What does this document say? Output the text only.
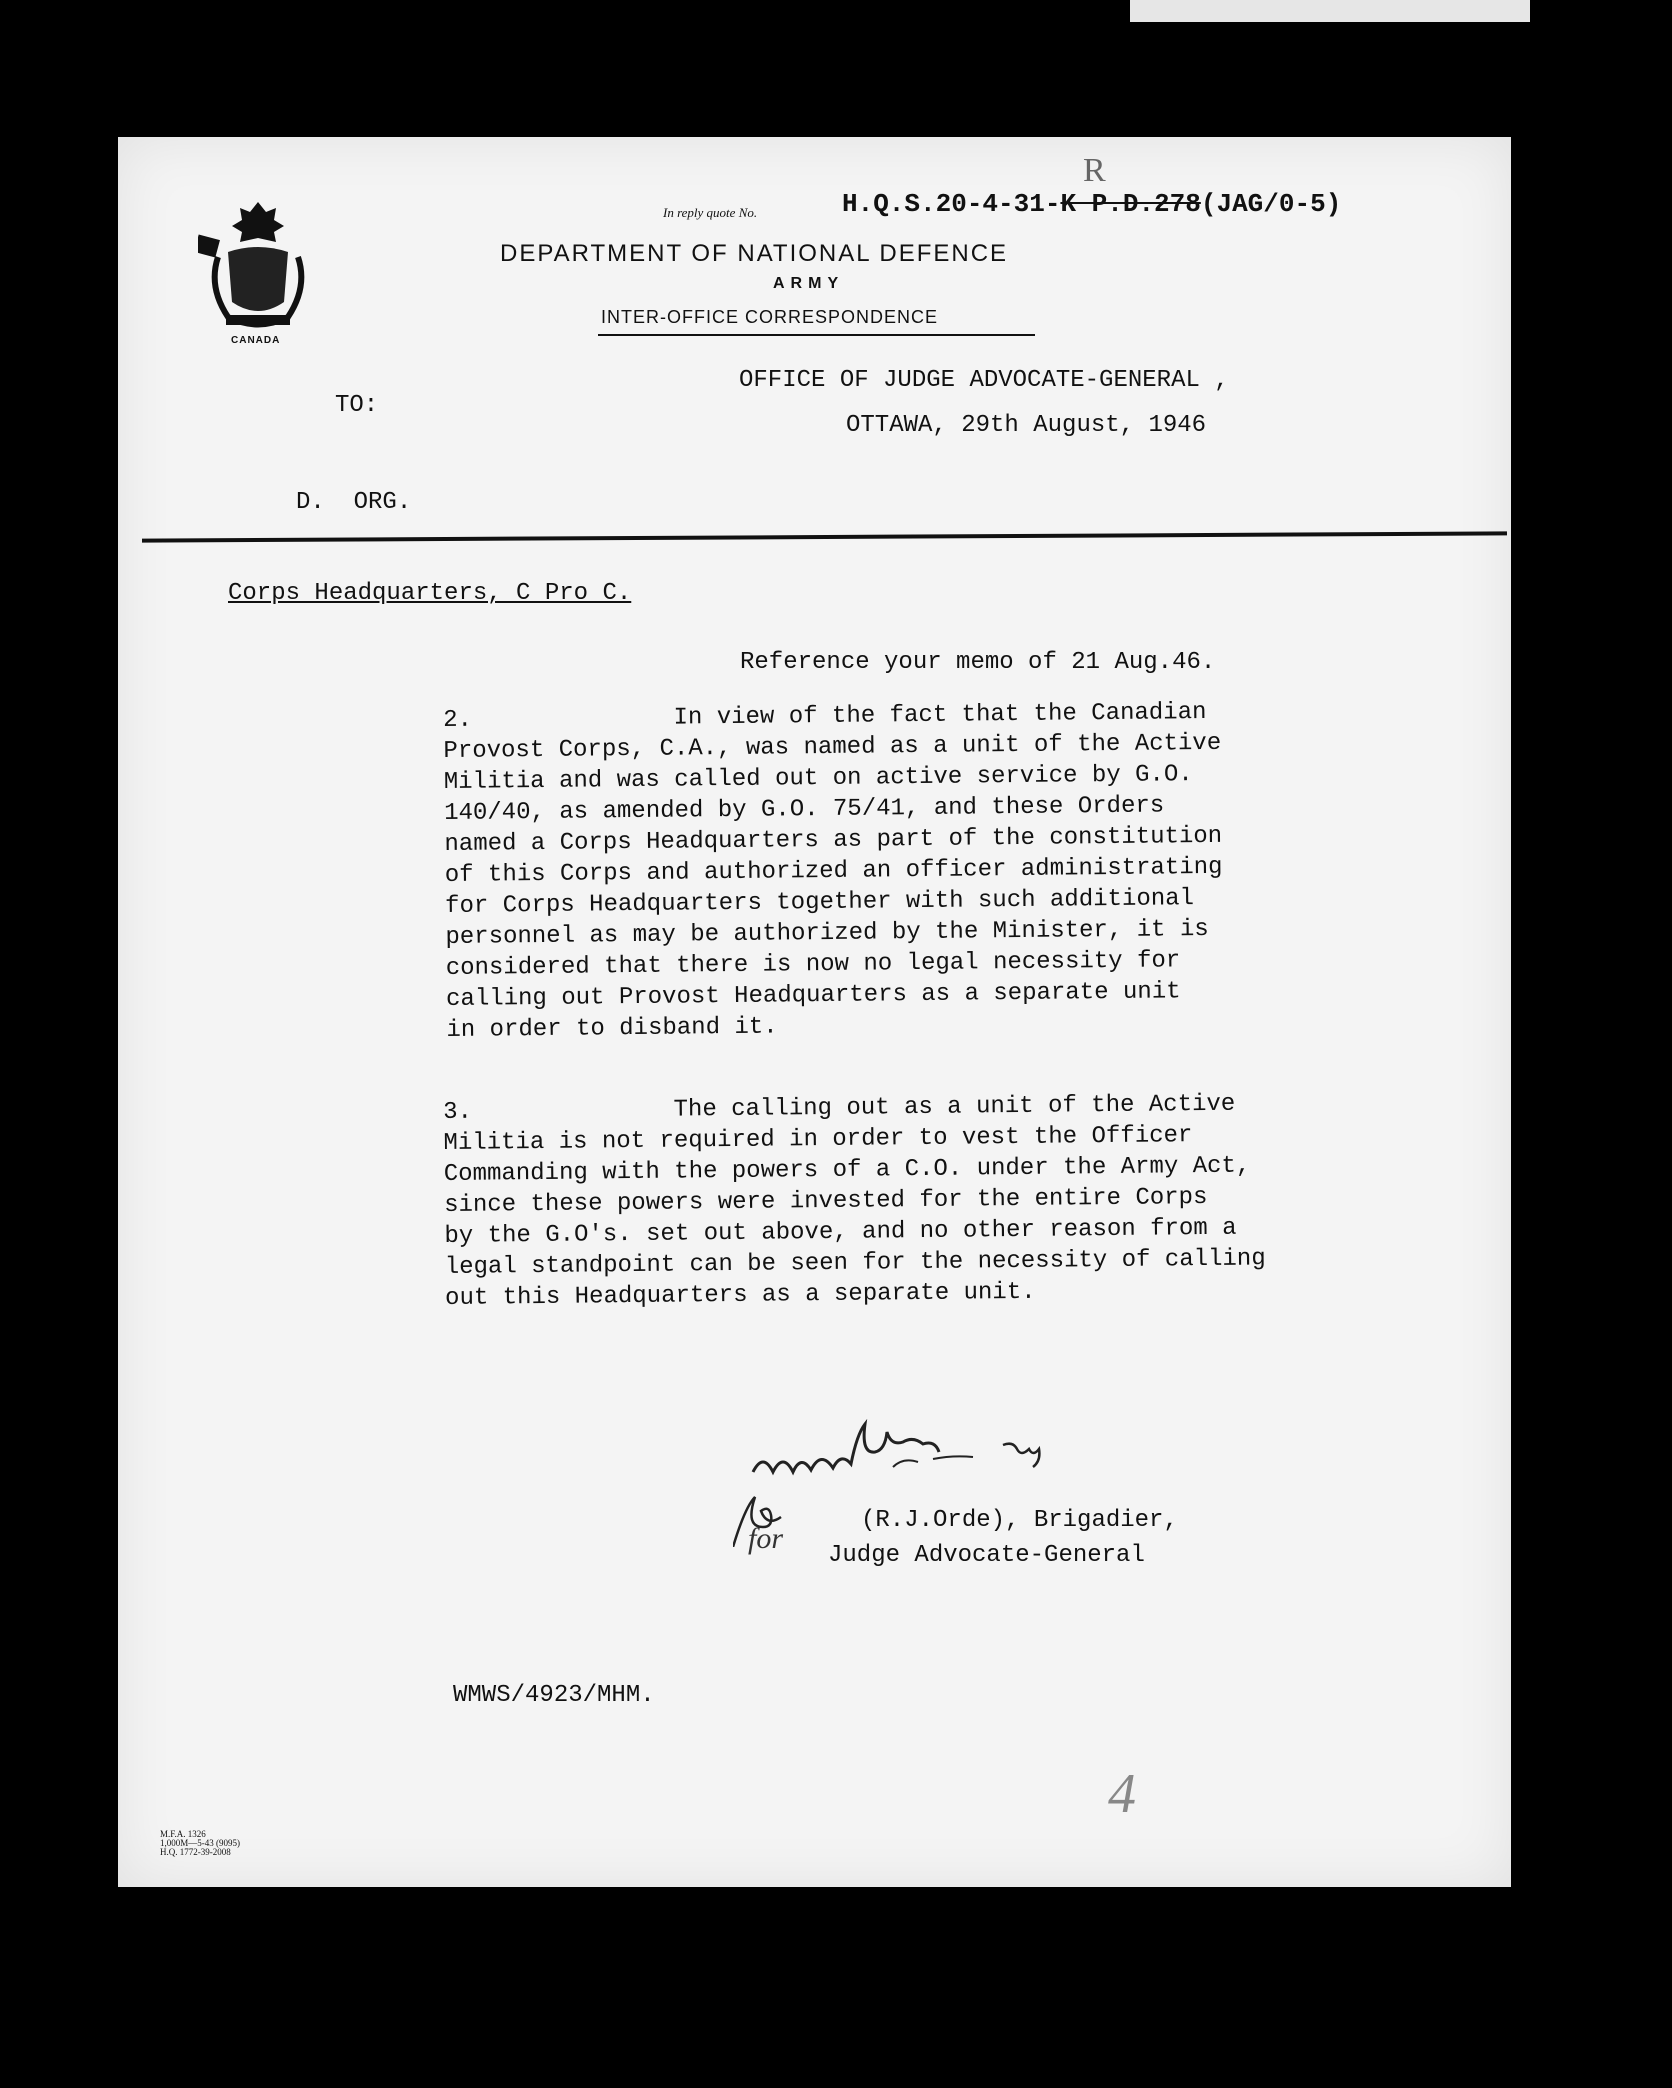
CANADA
In reply quote No.	H.Q.S.20-4-31-K P.D.278(JAG/0-5)
R
DEPARTMENT OF NATIONAL DEFENCE
ARMY
INTER-OFFICE CORRESPONDENCE
TO:
OFFICE OF JUDGE ADVOCATE-GENERAL ,
OTTAWA, 29th August, 1946
D.  ORG.
Corps Headquarters, C Pro C.
Reference your memo of 21 Aug.46.
2.              In view of the fact that the Canadian
Provost Corps, C.A., was named as a unit of the Active
Militia and was called out on active service by G.O.
140/40, as amended by G.O. 75/41, and these Orders
named a Corps Headquarters as part of the constitution
of this Corps and authorized an officer administrating
for Corps Headquarters together with such additional
personnel as may be authorized by the Minister, it is
considered that there is now no legal necessity for
calling out Provost Headquarters as a separate unit
in order to disband it.
3.              The calling out as a unit of the Active
Militia is not required in order to vest the Officer
Commanding with the powers of a C.O. under the Army Act,
since these powers were invested for the entire Corps
by the G.O's. set out above, and no other reason from a
legal standpoint can be seen for the necessity of calling
out this Headquarters as a separate unit.
for
(R.J.Orde), Brigadier,
Judge Advocate-General
WMWS/4923/MHM.
4
M.F.A. 1326
1,000M—5-43 (9095)
H.Q. 1772-39-2008
